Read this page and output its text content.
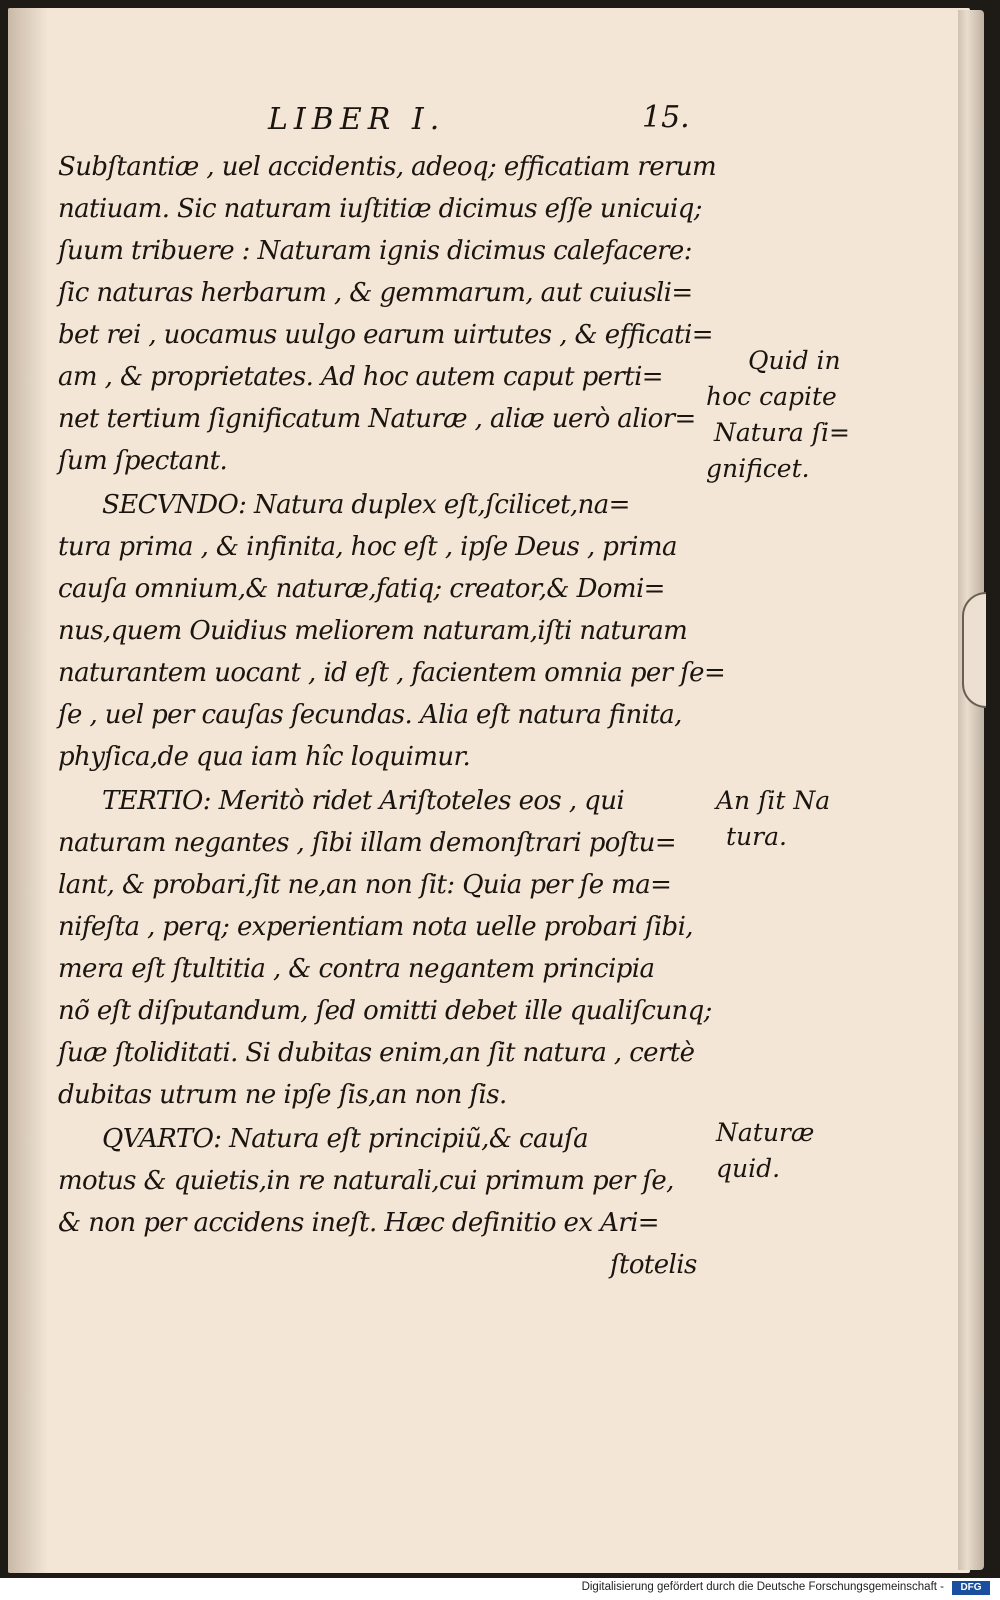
LIBER I.	15.
Subſtantiæ , uel accidentis, adeoq; efficatiam rerum
natiuam. Sic naturam iuſtitiæ dicimus eſſe unicuiq;
ſuum tribuere : Naturam ignis dicimus calefacere:
ſic naturas herbarum , & gemmarum, aut cuiusli=
bet rei , uocamus uulgo earum uirtutes , & efficati=
am , & proprietates. Ad hoc autem caput perti=
net tertium ſignificatum Naturæ , aliæ uerò alior=
ſum ſpectant.
SECVNDO: Natura duplex eſt,ſcilicet,na=
tura prima , & infinita, hoc eſt , ipſe Deus , prima
cauſa omnium,& naturæ,fatiq; creator,& Domi=
nus,quem Ouidius meliorem naturam,iſti naturam
naturantem uocant , id eſt , facientem omnia per ſe=
ſe , uel per cauſas ſecundas. Alia eſt natura finita,
phyſica,de qua iam hîc loquimur.
TERTIO: Meritò ridet Ariſtoteles eos , qui
naturam negantes , ſibi illam demonſtrari poſtu=
lant, & probari,ſit ne,an non ſit: Quia per ſe ma=
nifeſta , perq; experientiam nota uelle probari ſibi,
mera eſt ſtultitia , & contra negantem principia
nõ eſt diſputandum, ſed omitti debet ille qualiſcunq;
ſuæ ſtoliditati. Si dubitas enim,an ſit natura , certè
dubitas utrum ne ipſe ſis,an non ſis.
QVARTO: Natura eſt principiũ,& cauſa
motus & quietis,in re naturali,cui primum per ſe,
& non per accidens ineſt. Hæc definitio ex Ari=
ſtotelis
Quid in
hoc capite
Natura ſi=
gnificet.
An ſit Na
tura.
Naturæ
quid.
Digitalisierung gefördert durch die Deutsche Forschungsgemeinschaft -	DFG
